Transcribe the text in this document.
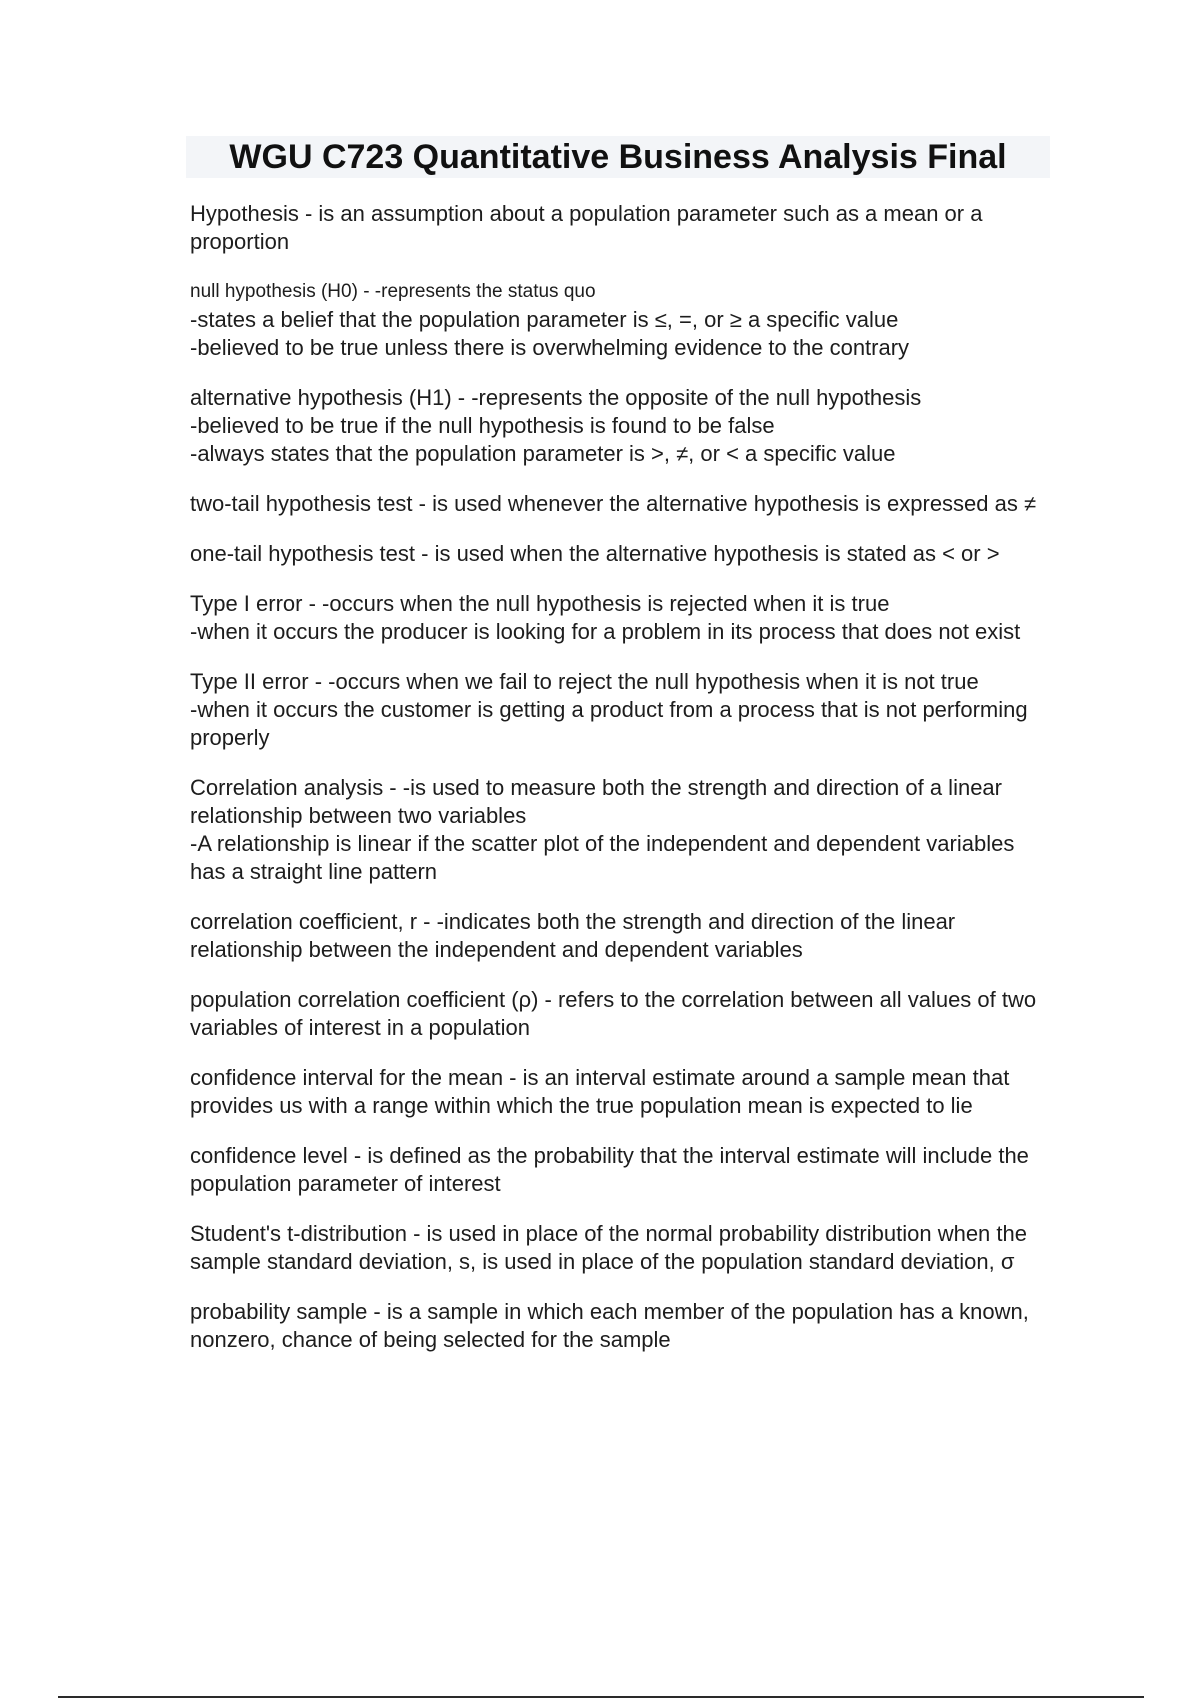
WGU C723 Quantitative Business Analysis Final
Hypothesis - is an assumption about a population parameter such as a mean or a proportion
null hypothesis (H0) - -represents the status quo
-states a belief that the population parameter is ≤, =, or ≥ a specific value
-believed to be true unless there is overwhelming evidence to the contrary
alternative hypothesis (H1) - -represents the opposite of the null hypothesis
-believed to be true if the null hypothesis is found to be false
-always states that the population parameter is >, ≠, or < a specific value
two-tail hypothesis test - is used whenever the alternative hypothesis is expressed as ≠
one-tail hypothesis test - is used when the alternative hypothesis is stated as < or >
Type I error - -occurs when the null hypothesis is rejected when it is true
-when it occurs the producer is looking for a problem in its process that does not exist
Type II error - -occurs when we fail to reject the null hypothesis when it is not true
-when it occurs the customer is getting a product from a process that is not performing properly
Correlation analysis - -is used to measure both the strength and direction of a linear relationship between two variables
-A relationship is linear if the scatter plot of the independent and dependent variables has a straight line pattern
correlation coefficient, r - -indicates both the strength and direction of the linear relationship between the independent and dependent variables
population correlation coefficient (ρ) - refers to the correlation between all values of two variables of interest in a population
confidence interval for the mean - is an interval estimate around a sample mean that provides us with a range within which the true population mean is expected to lie
confidence level - is defined as the probability that the interval estimate will include the population parameter of interest
Student's t-distribution - is used in place of the normal probability distribution when the sample standard deviation, s, is used in place of the population standard deviation, σ
probability sample - is a sample in which each member of the population has a known, nonzero, chance of being selected for the sample
